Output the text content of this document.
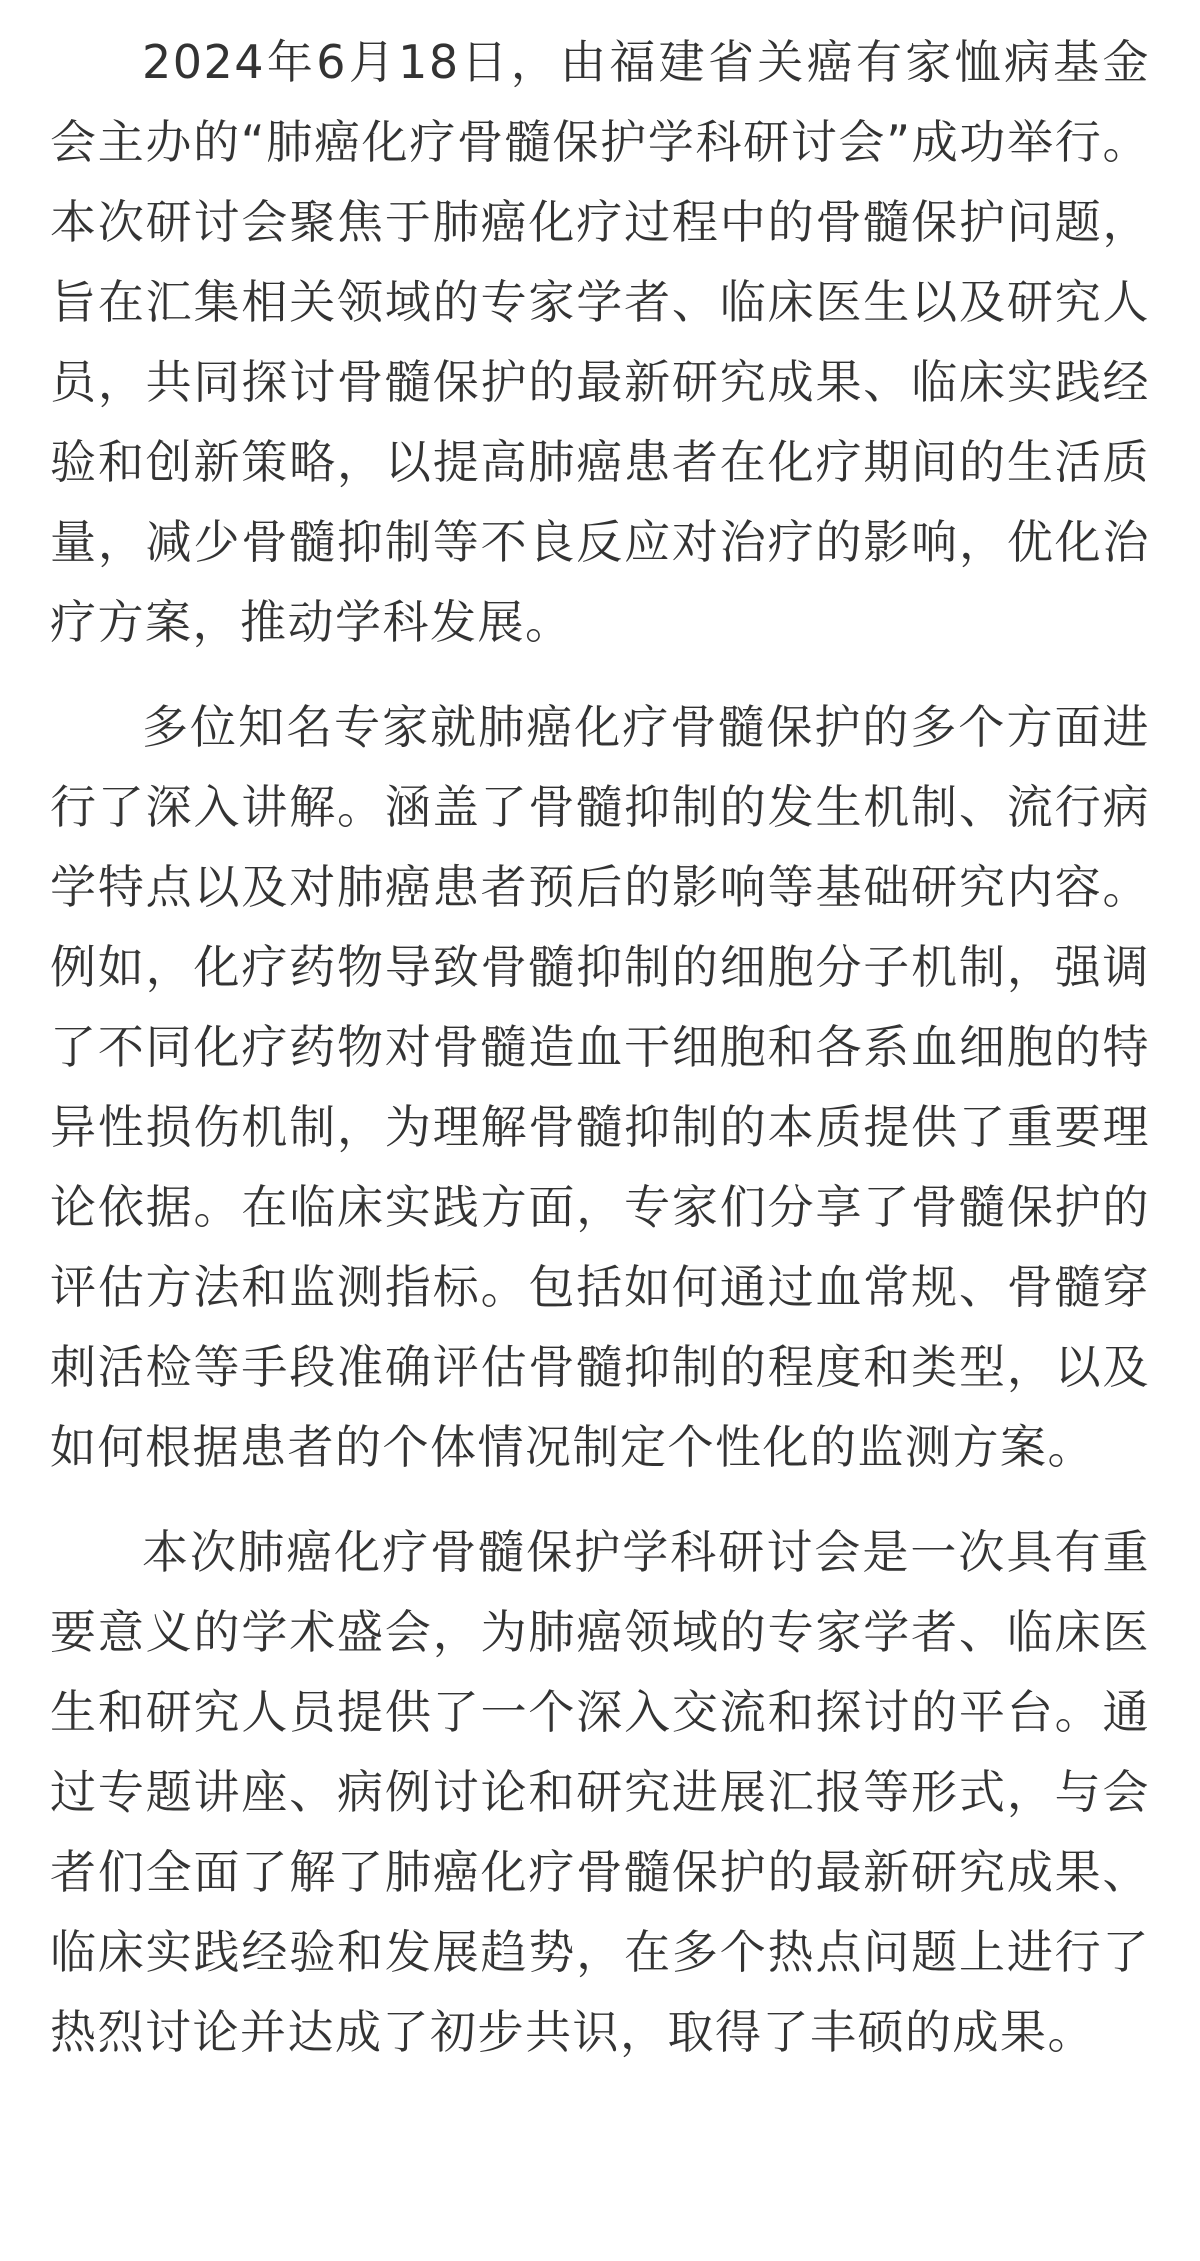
2024年6月18日，由福建省关癌有家恤病基金会主办的“肺癌化疗骨髓保护学科研讨会”成功举行。本次研讨会聚焦于肺癌化疗过程中的骨髓保护问题，旨在汇集相关领域的专家学者、临床医生以及研究人员，共同探讨骨髓保护的最新研究成果、临床实践经验和创新策略，以提高肺癌患者在化疗期间的生活质量，减少骨髓抑制等不良反应对治疗的影响，优化治疗方案，推动学科发展。

多位知名专家就肺癌化疗骨髓保护的多个方面进行了深入讲解。涵盖了骨髓抑制的发生机制、流行病学特点以及对肺癌患者预后的影响等基础研究内容。例如，化疗药物导致骨髓抑制的细胞分子机制，强调了不同化疗药物对骨髓造血干细胞和各系血细胞的特异性损伤机制，为理解骨髓抑制的本质提供了重要理论依据。在临床实践方面，专家们分享了骨髓保护的评估方法和监测指标。包括如何通过血常规、骨髓穿刺活检等手段准确评估骨髓抑制的程度和类型，以及如何根据患者的个体情况制定个性化的监测方案。

本次肺癌化疗骨髓保护学科研讨会是一次具有重要意义的学术盛会，为肺癌领域的专家学者、临床医生和研究人员提供了一个深入交流和探讨的平台。通过专题讲座、病例讨论和研究进展汇报等形式，与会者们全面了解了肺癌化疗骨髓保护的最新研究成果、临床实践经验和发展趋势，在多个热点问题上进行了热烈讨论并达成了初步共识，取得了丰硕的成果。
